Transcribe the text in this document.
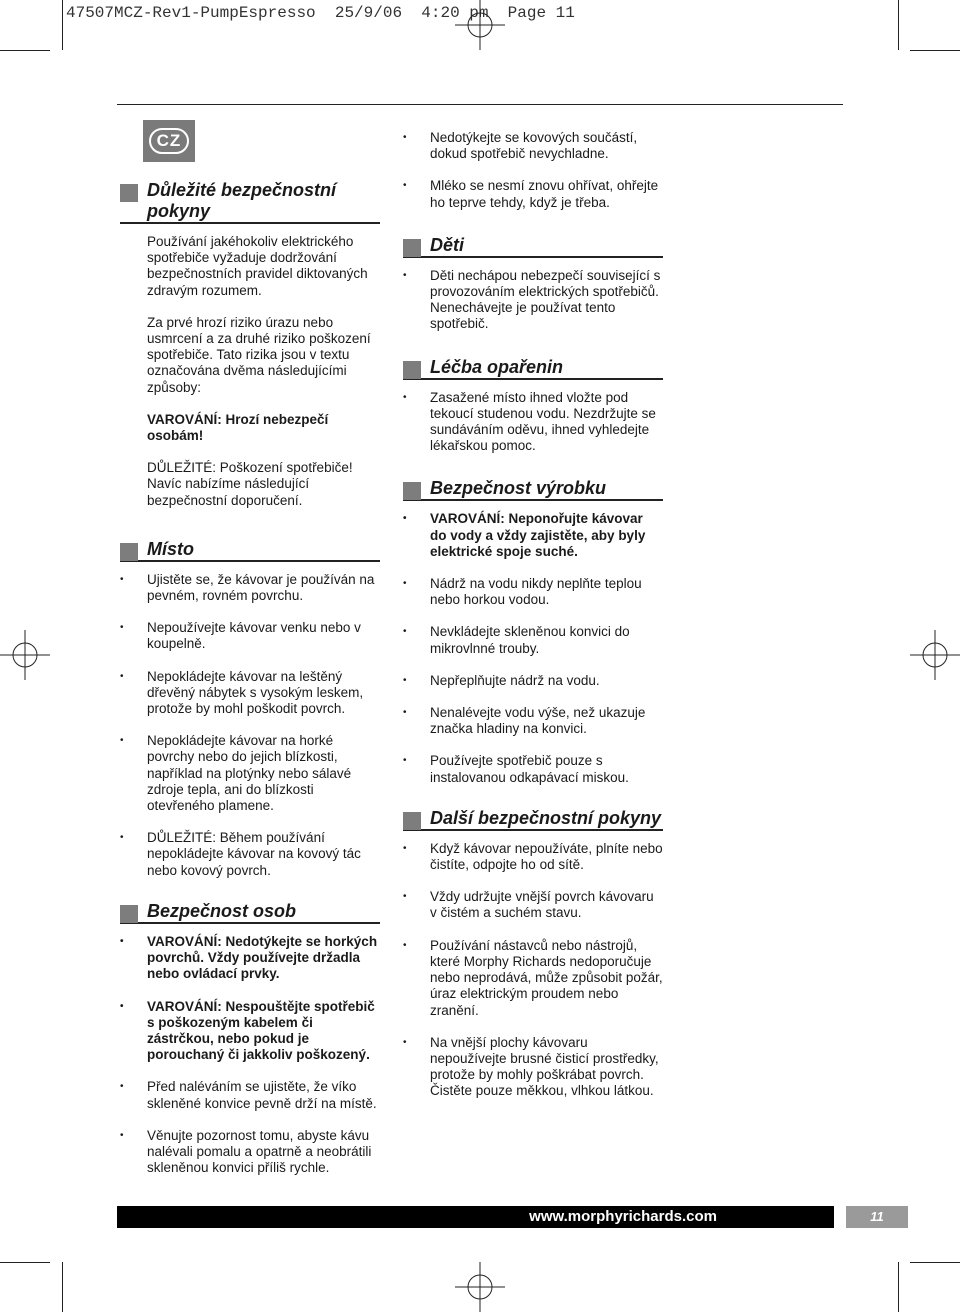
47507MCZ-Rev1-PumpEspresso  25/9/06  4:20 pm  Page 11
CZ
Důležité bezpečnostní pokyny

Používání jakéhokoliv elektrického spotřebiče vyžaduje dodržování bezpečnostních pravidel diktovaných zdravým rozumem.

Za prvé hrozí riziko úrazu nebo usmrcení a za druhé riziko poškození spotřebiče. Tato rizika jsou v textu označována dvěma následujícími způsoby:

VAROVÁNÍ: Hrozí nebezpečí osobám!

DŮLEŽITÉ: Poškození spotřebiče! Navíc nabízíme následující bezpečnostní doporučení.

Místo
•	Ujistěte se, že kávovar je používán na pevném, rovném povrchu.
•	Nepoužívejte kávovar venku nebo v koupelně.
•	Nepokládejte kávovar na leštěný dřevěný nábytek s vysokým leskem, protože by mohl poškodit povrch.
•	Nepokládejte kávovar na horké povrchy nebo do jejich blízkosti, například na plotýnky nebo sálavé zdroje tepla, ani do blízkosti otevřeného plamene.
•	DŮLEŽITÉ: Během používání nepokládejte kávovar na kovový tác nebo kovový povrch.
Bezpečnost osob
•	VAROVÁNÍ: Nedotýkejte se horkých povrchů. Vždy používejte držadla nebo ovládací prvky.
•	VAROVÁNÍ: Nespouštějte spotřebič s poškozeným kabelem či zástrčkou, nebo pokud je porouchaný či jakkoliv poškozený.
•	Před naléváním se ujistěte, že víko skleněné konvice pevně drží na místě.
•	Věnujte pozornost tomu, abyste kávu nalévali pomalu a opatrně a neobrátili skleněnou konvici příliš rychle.
•	Nedotýkejte se kovových součástí, dokud spotřebič nevychladne.
•	Mléko se nesmí znovu ohřívat, ohřejte ho teprve tehdy, když je třeba.
Děti
•	Děti nechápou nebezpečí související s provozováním elektrických spotřebičů. Nenechávejte je používat tento spotřebič.
Léčba opařenin
•	Zasažené místo ihned vložte pod tekoucí studenou vodu. Nezdržujte se sundáváním oděvu, ihned vyhledejte lékařskou pomoc.
Bezpečnost výrobku
•	VAROVÁNÍ: Neponořujte kávovar do vody a vždy zajistěte, aby byly elektrické spoje suché.
•	Nádrž na vodu nikdy neplňte teplou nebo horkou vodou.
•	Nevkládejte skleněnou konvici do mikrovlnné trouby.
•	Nepřeplňujte nádrž na vodu.
•	Nenalévejte vodu výše, než ukazuje značka hladiny na konvici.
•	Používejte spotřebič pouze s instalovanou odkapávací miskou.
Další bezpečnostní pokyny
•	Když kávovar nepoužíváte, plníte nebo čistíte, odpojte ho od sítě.
•	Vždy udržujte vnější povrch kávovaru v čistém a suchém stavu.
•	Používání nástavců nebo nástrojů, které Morphy Richards nedoporučuje nebo neprodává, může způsobit požár, úraz elektrickým proudem nebo zranění.
•	Na vnější plochy kávovaru nepoužívejte brusné čisticí prostředky, protože by mohly poškrábat povrch. Čistěte pouze měkkou, vlhkou látkou.
www.morphyrichards.com	11
